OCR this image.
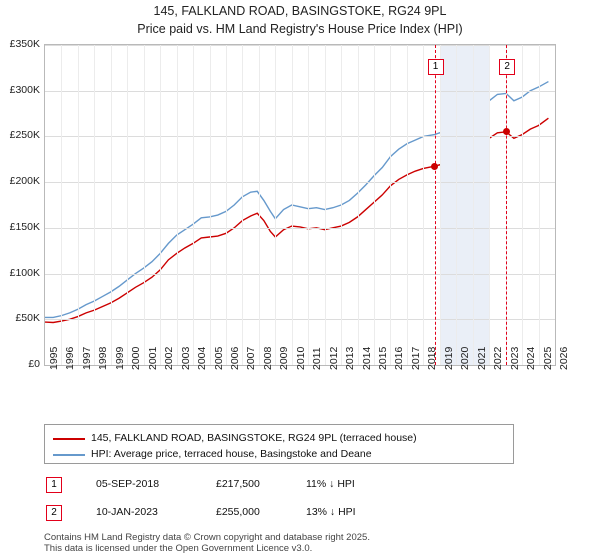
145, FALKLAND ROAD, BASINGSTOKE, RG24 9PL
Price paid vs. HM Land Registry's House Price Index (HPI)
£0
£50K
£100K
£150K
£200K
£250K
£300K
£350K
1	2
1995 1996 1997 1998 1999 2000 2001 2002 2003 2004 2005 2006 2007 2008 2009 2010 2011 2012 2013 2014 2015 2016 2017 2018 2019 2020 2021 2022 2023 2024 2025 2026
145, FALKLAND ROAD, BASINGSTOKE, RG24 9PL (terraced house)
HPI: Average price, terraced house, Basingstoke and Deane
1	05-SEP-2018	£217,500	11% ↓ HPI
2	10-JAN-2023	£255,000	13% ↓ HPI
Contains HM Land Registry data © Crown copyright and database right 2025.
This data is licensed under the Open Government Licence v3.0.
